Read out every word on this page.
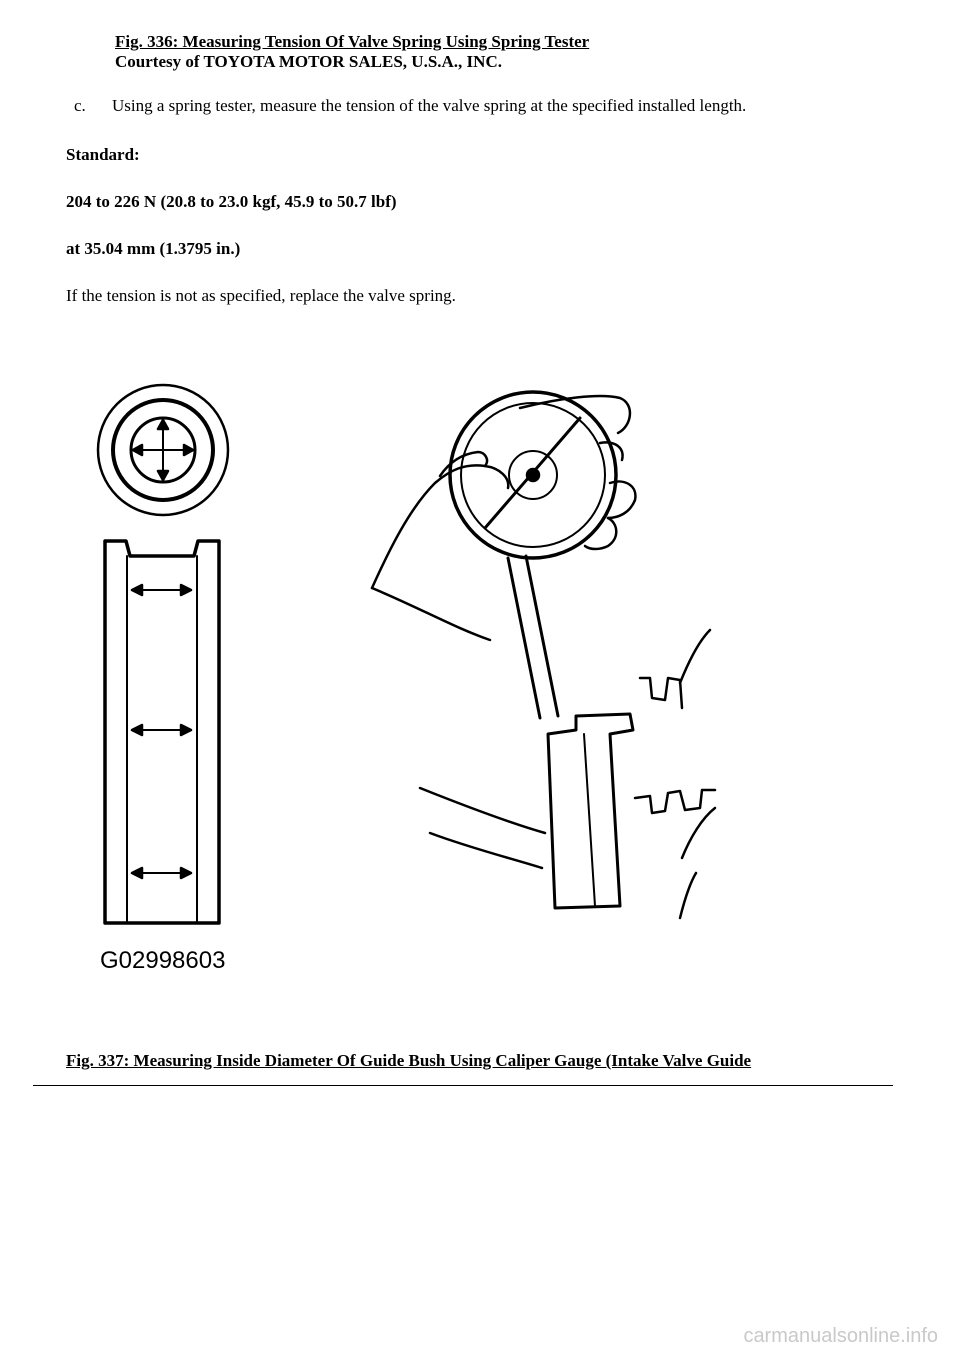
Fig. 336: Measuring Tension Of Valve Spring Using Spring Tester
Courtesy of TOYOTA MOTOR SALES, U.S.A., INC.
c. Using a spring tester, measure the tension of the valve spring at the specified installed length.
Standard:
204 to 226 N (20.8 to 23.0 kgf, 45.9 to 50.7 lbf)
at 35.04 mm (1.3795 in.)
If the tension is not as specified, replace the valve spring.
G02998603
Fig. 337: Measuring Inside Diameter Of Guide Bush Using Caliper Gauge (Intake Valve Guide
carmanualsonline.info
